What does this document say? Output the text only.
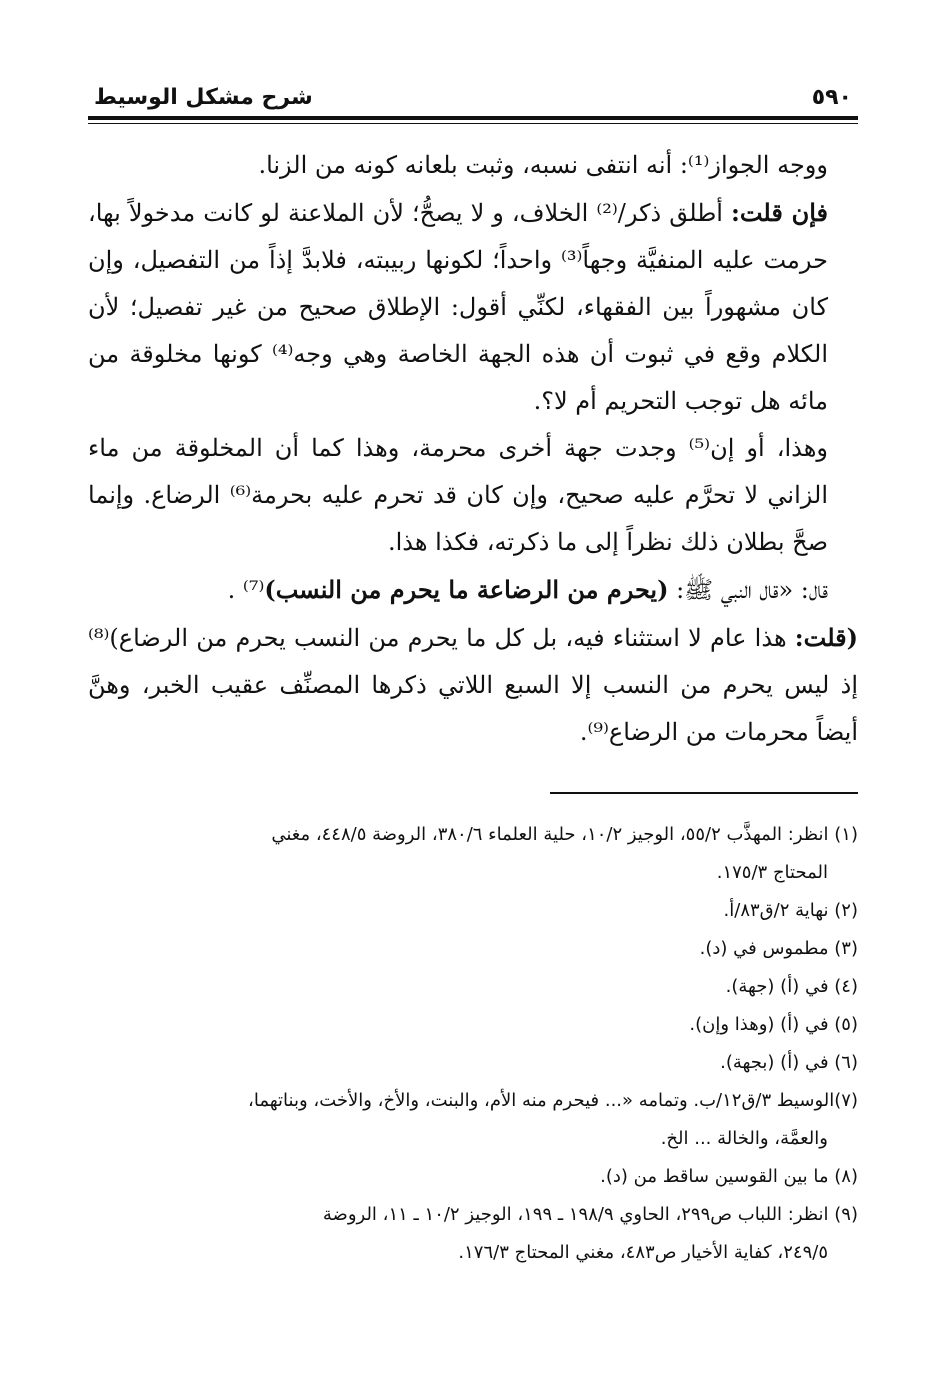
٥٩٠
شرح مشكل الوسيط

ووجه الجواز⁽¹⁾: أنه انتفى نسبه، وثبت بلعانه كونه من الزنا.

فإن قلت: أطلق ذكر/⁽²⁾ الخلاف، و لا يصحُّ؛ لأن الملاعنة لو كانت مدخولاً بها، حرمت عليه المنفيَّة وجهاً⁽³⁾ واحداً؛ لكونها ربيبته، فلابدَّ إذاً من التفصيل، وإن كان مشهوراً بين الفقهاء، لكنِّي أقول: الإطلاق صحيح من غير تفصيل؛ لأن الكلام وقع في ثبوت أن هذه الجهة الخاصة وهي وجه⁽⁴⁾ كونها مخلوقة من مائه هل توجب التحريم أم لا؟.

وهذا، أو إن⁽⁵⁾ وجدت جهة أخرى محرمة، وهذا كما أن المخلوقة من ماء الزاني لا تحرَّم عليه صحيح، وإن كان قد تحرم عليه بحرمة⁽⁶⁾ الرضاع. وإنما صحَّ بطلان ذلك نظراً إلى ما ذكرته، فكذا هذا.

قال: «قال النبي ﷺ: (يحرم من الرضاعة ما يحرم من النسب)⁽⁷⁾ .

(قلت: هذا عام لا استثناء فيه، بل كل ما يحرم من النسب يحرم من الرضاع)⁽⁸⁾ إذ ليس يحرم من النسب إلا السبع اللاتي ذكرها المصنِّف عقيب الخبر، وهنَّ أيضاً محرمات من الرضاع⁽⁹⁾.

(١) انظر: المهذَّب ٥٥/٢، الوجيز ١٠/٢، حلية العلماء ٣٨٠/٦، الروضة ٤٤٨/٥، مغني

المحتاج ١٧٥/٣.

(٢) نهاية ٢/ق٨٣/أ.

(٣) مطموس في (د).

(٤) في (أ) (جهة).

(٥) في (أ) (وهذا وإن).

(٦) في (أ) (بجهة).

(٧)الوسيط ٣/ق١٢/ب. وتمامه «... فيحرم منه الأم، والبنت، والأخ، والأخت، وبناتهما،

والعمَّة، والخالة ... الخ.

(٨) ما بين القوسين ساقط من (د).

(٩) انظر: اللباب ص٢٩٩، الحاوي ١٩٨/٩ ـ ١٩٩، الوجيز ١٠/٢ ـ ١١، الروضة

٢٤٩/٥، كفاية الأخيار ص٤٨٣، مغني المحتاج ١٧٦/٣.
